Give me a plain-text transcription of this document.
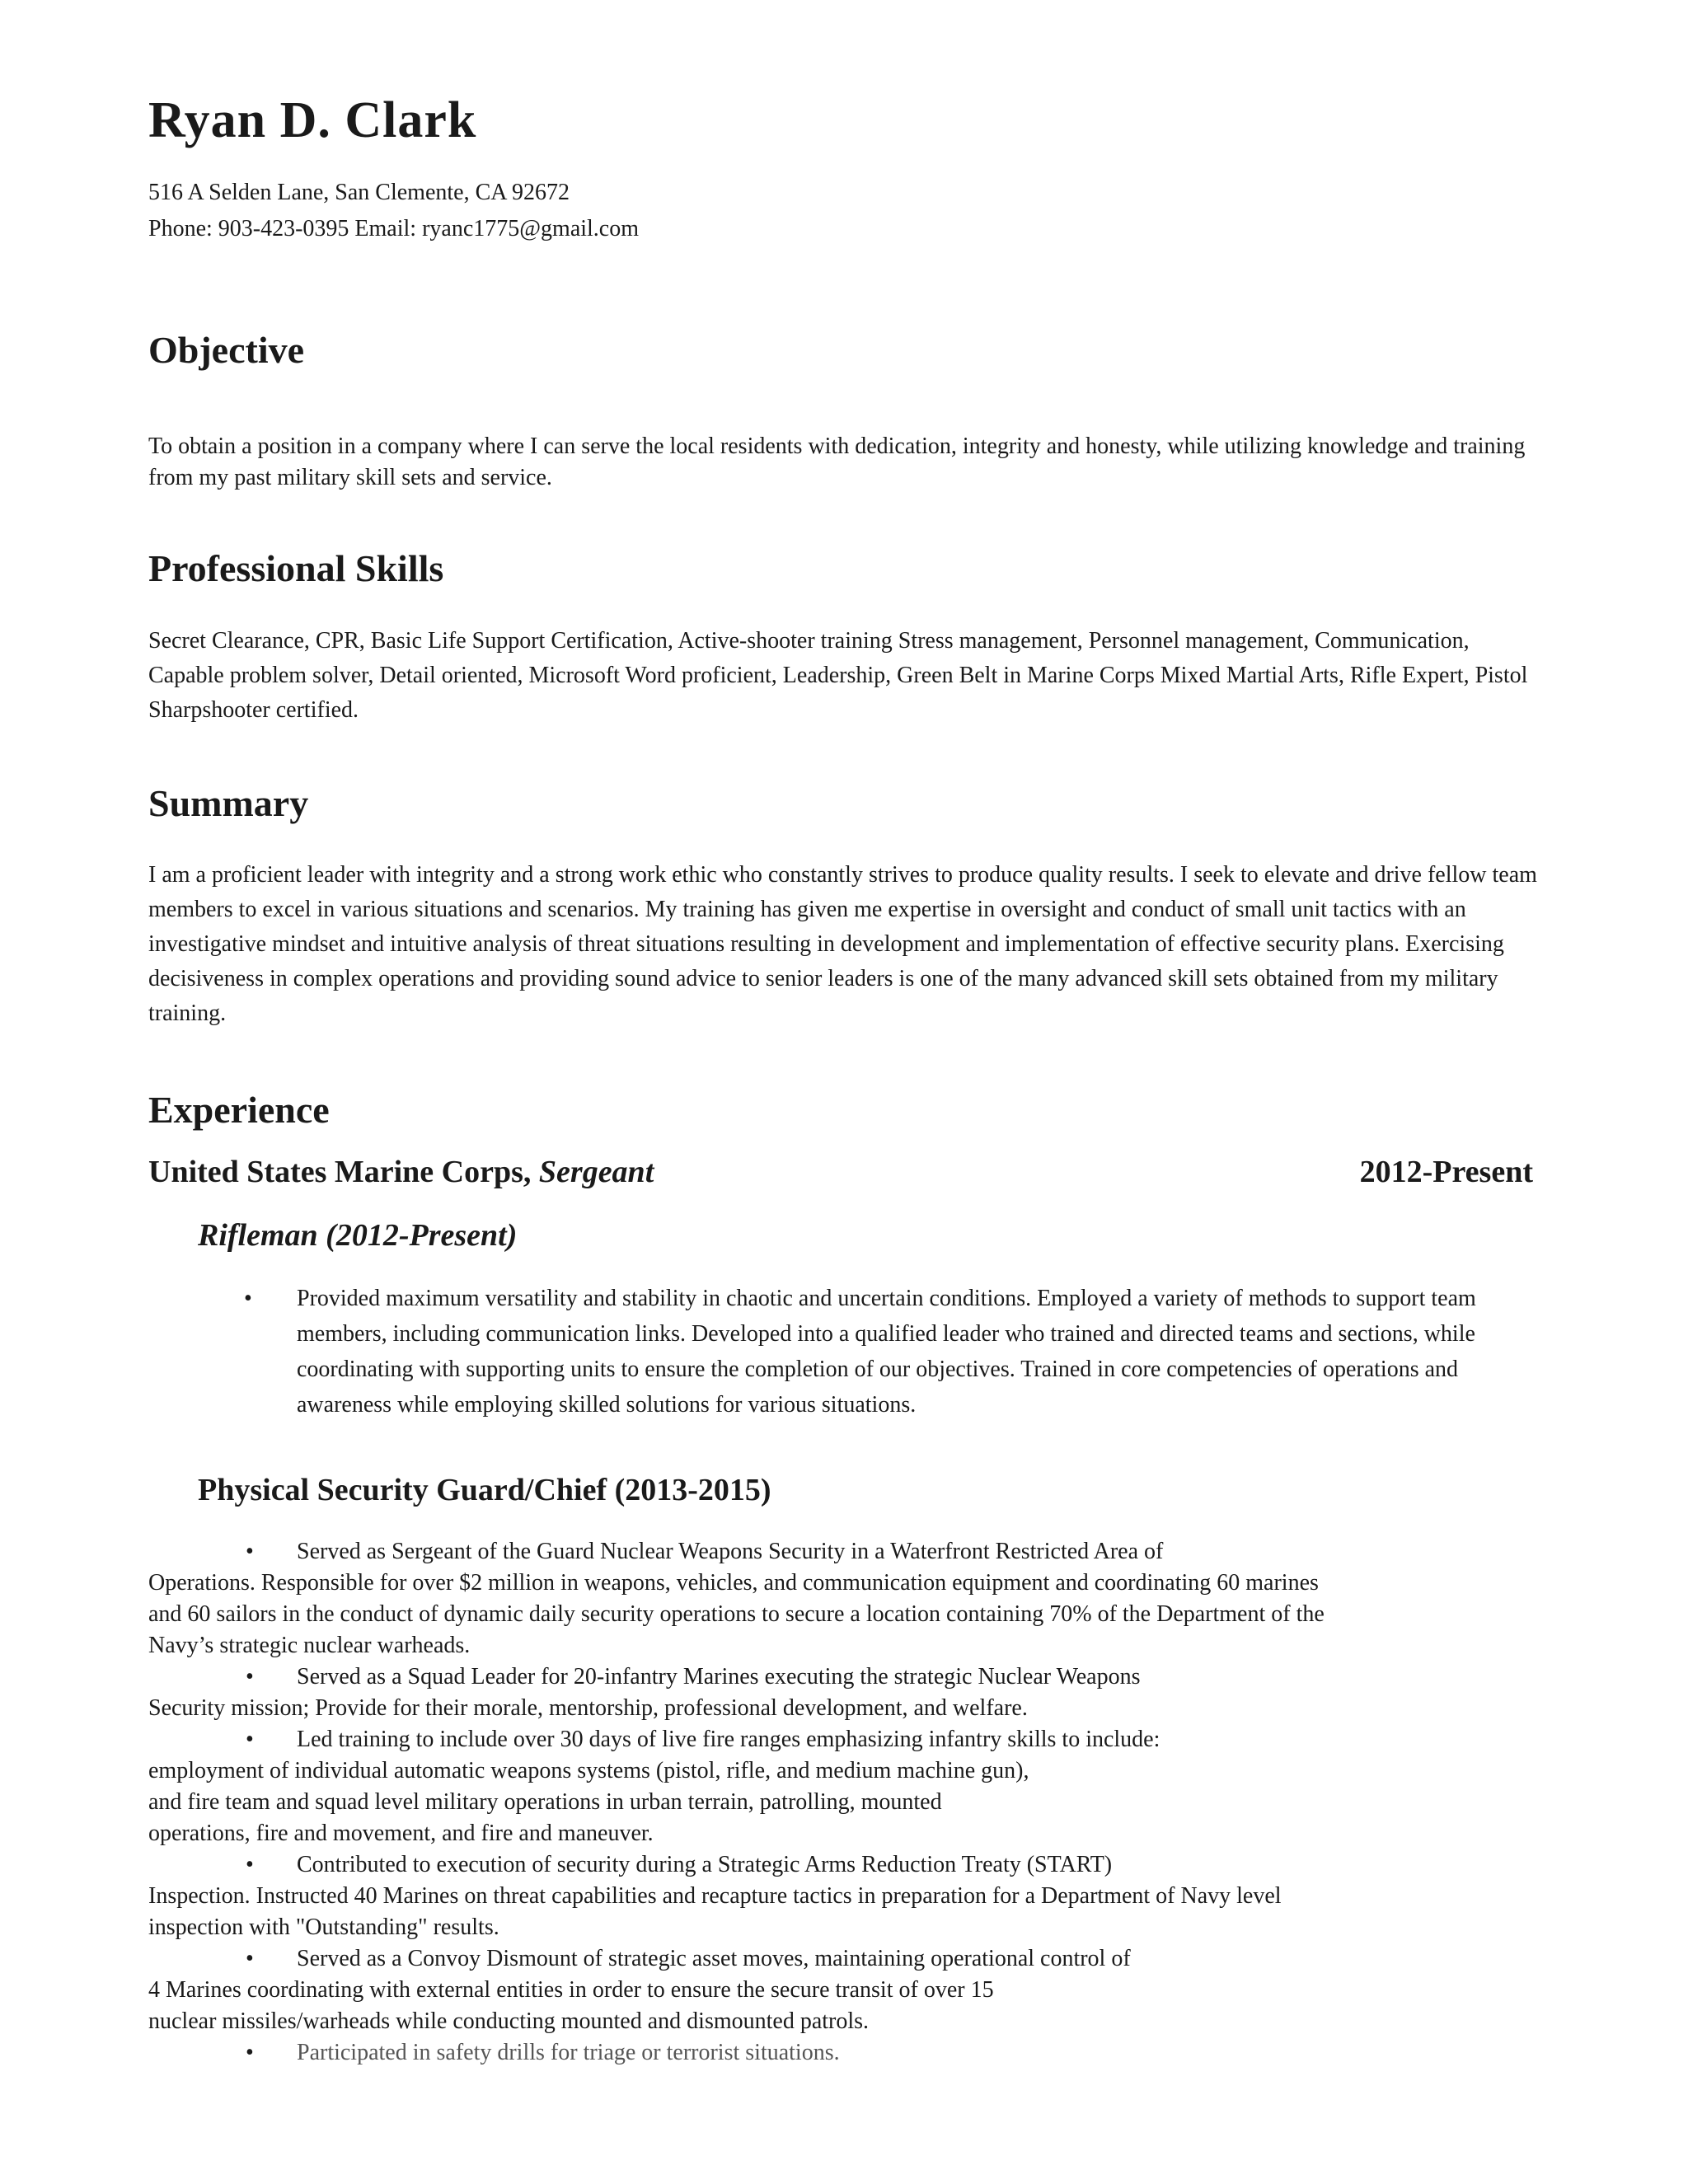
Ryan D. Clark
516 A Selden Lane, San Clemente, CA 92672
Phone: 903-423-0395 Email: ryanc1775@gmail.com
Objective

To obtain a position in a company where I can serve the local residents with dedication, integrity and honesty, while utilizing knowledge and training from my past military skill sets and service.

Professional Skills

Secret Clearance, CPR, Basic Life Support Certification, Active-shooter training Stress management, Personnel management, Communication, Capable problem solver, Detail oriented, Microsoft Word proficient, Leadership, Green Belt in Marine Corps Mixed Martial Arts, Rifle Expert, Pistol Sharpshooter certified.

Summary

I am a proficient leader with integrity and a strong work ethic who constantly strives to produce quality results. I seek to elevate and drive fellow team members to excel in various situations and scenarios. My training has given me expertise in oversight and conduct of small unit tactics with an investigative mindset and intuitive analysis of threat situations resulting in development and implementation of effective security plans. Exercising decisiveness in complex operations and providing sound advice to senior leaders is one of the many advanced skill sets obtained from my military training.

Experience
United States Marine Corps, Sergeant	2012-Present
Rifleman (2012-Present)
• Provided maximum versatility and stability in chaotic and uncertain conditions. Employed a variety of methods to support team members, including communication links. Developed into a qualified leader who trained and directed teams and sections, while coordinating with supporting units to ensure the completion of our objectives. Trained in core competencies of operations and awareness while employing skilled solutions for various situations.

Physical Security Guard/Chief (2013-2015)
•	Served as Sergeant of the Guard Nuclear Weapons Security in a Waterfront Restricted Area of
Operations. Responsible for over $2 million in weapons, vehicles, and communication equipment and coordinating 60 marines
and 60 sailors in the conduct of dynamic daily security operations to secure a location containing 70% of the Department of the
Navy’s strategic nuclear warheads.
•	Served as a Squad Leader for 20-infantry Marines executing the strategic Nuclear Weapons
Security mission; Provide for their morale, mentorship, professional development, and welfare.
•	Led training to include over 30 days of live fire ranges emphasizing infantry skills to include:
employment of individual automatic weapons systems (pistol, rifle, and medium machine gun),
and fire team and squad level military operations in urban terrain, patrolling, mounted
operations, fire and movement, and fire and maneuver.
•	Contributed to execution of security during a Strategic Arms Reduction Treaty (START)
Inspection. Instructed 40 Marines on threat capabilities and recapture tactics in preparation for a Department of Navy level
inspection with "Outstanding" results.
•	Served as a Convoy Dismount of strategic asset moves, maintaining operational control of
4 Marines coordinating with external entities in order to ensure the secure transit of over 15
nuclear missiles/warheads while conducting mounted and dismounted patrols.
•	Participated in safety drills for triage or terrorist situations.
